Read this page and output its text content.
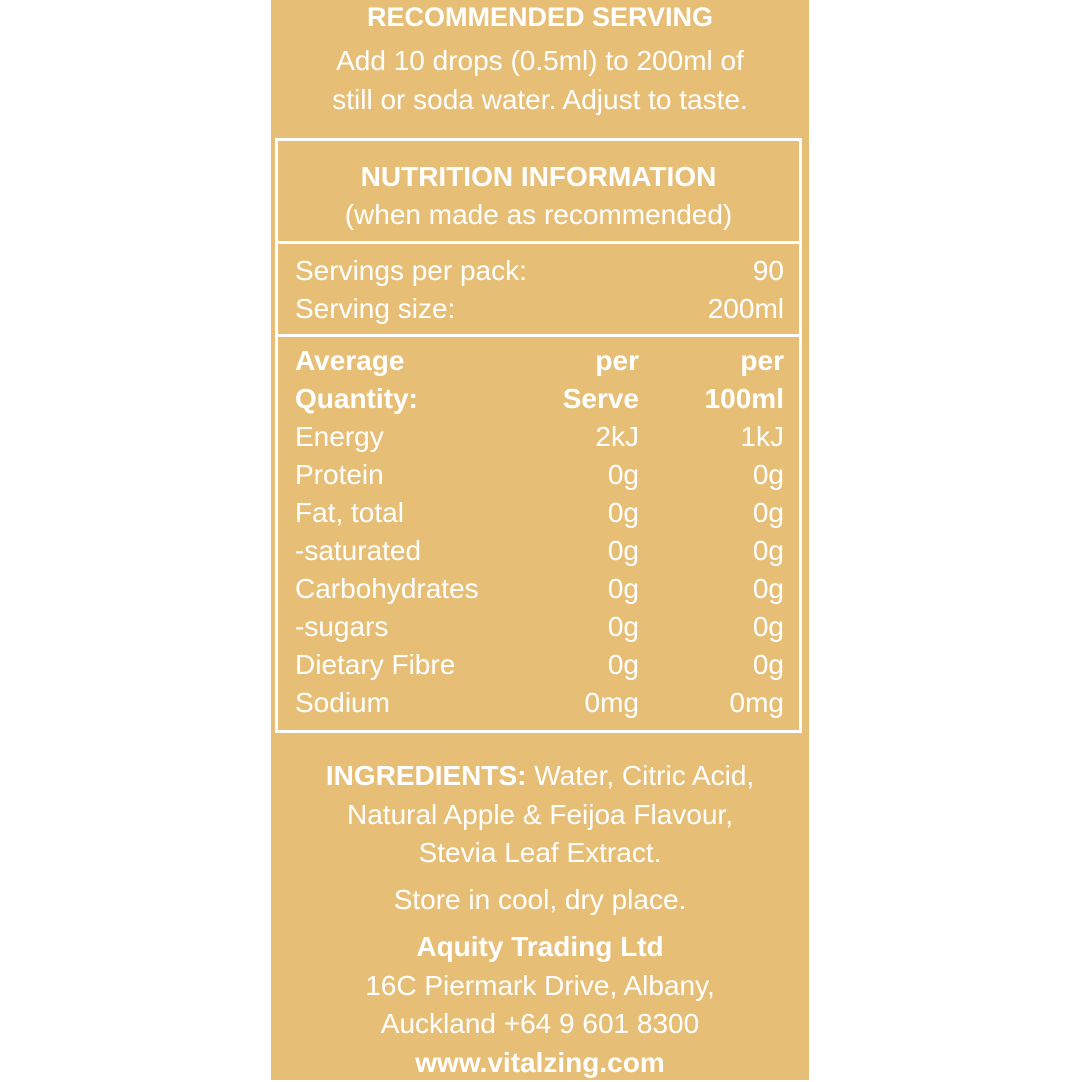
RECOMMENDED SERVING
Add 10 drops (0.5ml) to 200ml of
still or soda water. Adjust to taste.
NUTRITION INFORMATION
(when made as recommended)
Servings per pack:	90
Serving size:	200ml
Average	per	per
Quantity:	Serve 100ml
Energy	2kJ	1kJ
Protein	0g	0g
Fat, total	0g	0g
-saturated	0g	0g
Carbohydrates	0g	0g
-sugars	0g	0g
Dietary Fibre	0g	0g
Sodium	0mg	0mg
INGREDIENTS: Water, Citric Acid,
Natural Apple & Feijoa Flavour,
Stevia Leaf Extract.
Store in cool, dry place.
Aquity Trading Ltd
16C Piermark Drive, Albany,
Auckland +64 9 601 8300
www.vitalzing.com
